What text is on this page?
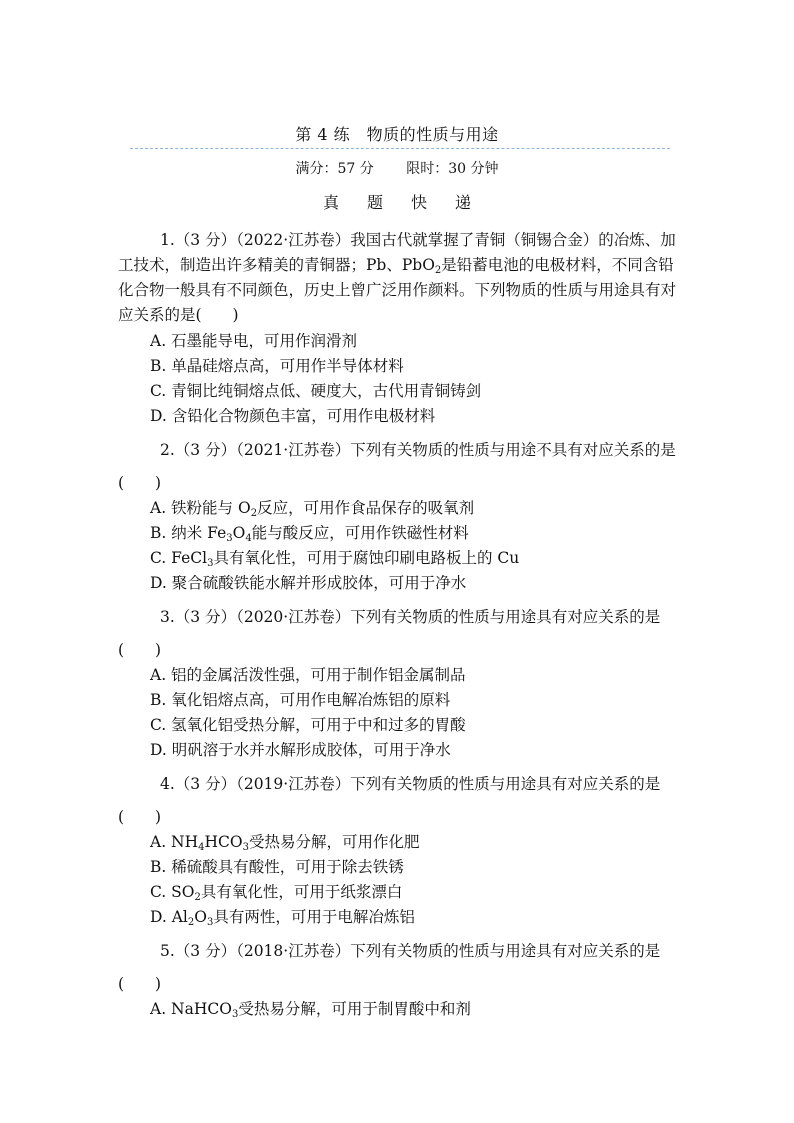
第 4 练　物质的性质与用途
满分：57 分 限时：30 分钟
真题快递

1.（3 分）（2022·江苏卷）我国古代就掌握了青铜（铜锡合金）的冶炼、加工技术，制造出许多精美的青铜器；Pb、PbO$_2$是铅蓄电池的电极材料，不同含铅化合物一般具有不同颜色，历史上曾广泛用作颜料。下列物质的性质与用途具有对应关系的是(　　)

A. 石墨能导电，可用作润滑剂
B. 单晶硅熔点高，可用作半导体材料
C. 青铜比纯铜熔点低、硬度大，古代用青铜铸剑
D. 含铅化合物颜色丰富，可用作电极材料

2.（3 分）（2021·江苏卷）下列有关物质的性质与用途不具有对应关系的是

(　　)

A. 铁粉能与 $O_2$反应，可用作食品保存的吸氧剂
B. 纳米 $Fe_3O_4$能与酸反应，可用作铁磁性材料
C. FeCl$_3$具有氧化性，可用于腐蚀印刷电路板上的 Cu
D. 聚合硫酸铁能水解并形成胶体，可用于净水

3.（3 分）（2020·江苏卷）下列有关物质的性质与用途具有对应关系的是

(　　)

A. 铝的金属活泼性强，可用于制作铝金属制品
B. 氧化铝熔点高，可用作电解冶炼铝的原料
C. 氢氧化铝受热分解，可用于中和过多的胃酸
D. 明矾溶于水并水解形成胶体，可用于净水

4.（3 分）（2019·江苏卷）下列有关物质的性质与用途具有对应关系的是

(　　)

A. $NH_4HCO_3$受热易分解，可用作化肥
B. 稀硫酸具有酸性，可用于除去铁锈
C. $SO_2$具有氧化性，可用于纸浆漂白
D. $Al_2O_3$具有两性，可用于电解冶炼铝

5.（3 分）（2018·江苏卷）下列有关物质的性质与用途具有对应关系的是

(　　)

A. NaHCO$_3$受热易分解，可用于制胃酸中和剂
